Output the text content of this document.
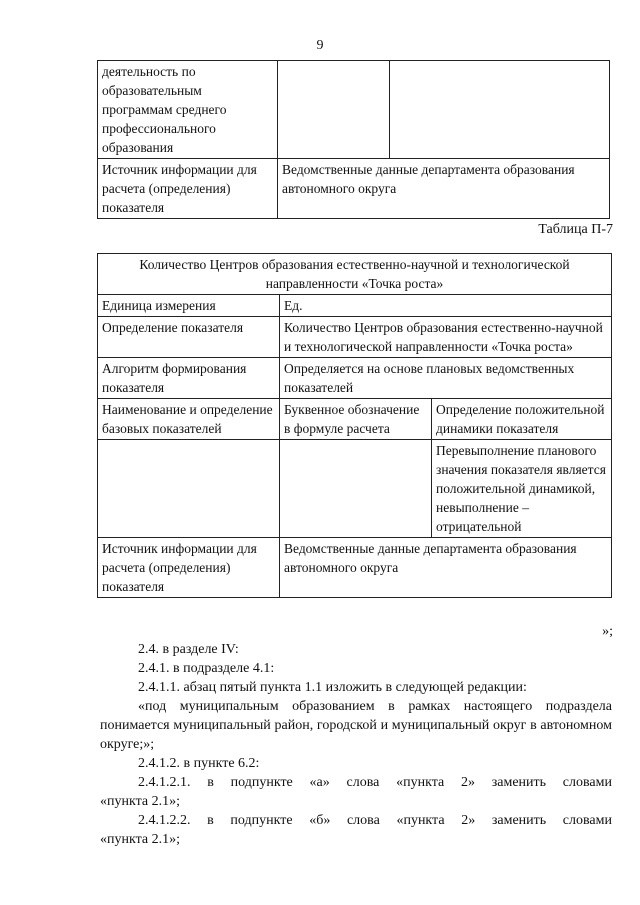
9
деятельность по образовательным программам среднего профессионального образования		
Источник информации для расчета (определения) показателя	Ведомственные данные департамента образования автономного округа	
Таблица П-7
Количество Центров образования естественно-научной и технологической направленности «Точка роста»		
Единица измерения	Ед.	
Определение показателя	Количество Центров образования естественно-научной и технологической направленности «Точка роста»	
Алгоритм формирования показателя	Определяется на основе плановых ведомственных показателей	
Наименование и определение базовых показателей	Буквенное обозначение в формуле расчета	Определение положительной динамики показателя
		Перевыполнение планового значения показателя является положительной динамикой, невыполнение – отрицательной
Источник информации для расчета (определения) показателя	Ведомственные данные департамента образования автономного округа	
»;

2.4. в разделе IV:

2.4.1. в подразделе 4.1:

2.4.1.1. абзац пятый пункта 1.1 изложить в следующей редакции:

«под муниципальным образованием в рамках настоящего подраздела понимается муниципальный район, городской и муниципальный округ в автономном округе;»;

2.4.1.2. в пункте 6.2:

2.4.1.2.1. в подпункте «а» слова «пункта 2» заменить словами

«пункта 2.1»;

2.4.1.2.2. в подпункте «б» слова «пункта 2» заменить словами

«пункта 2.1»;
